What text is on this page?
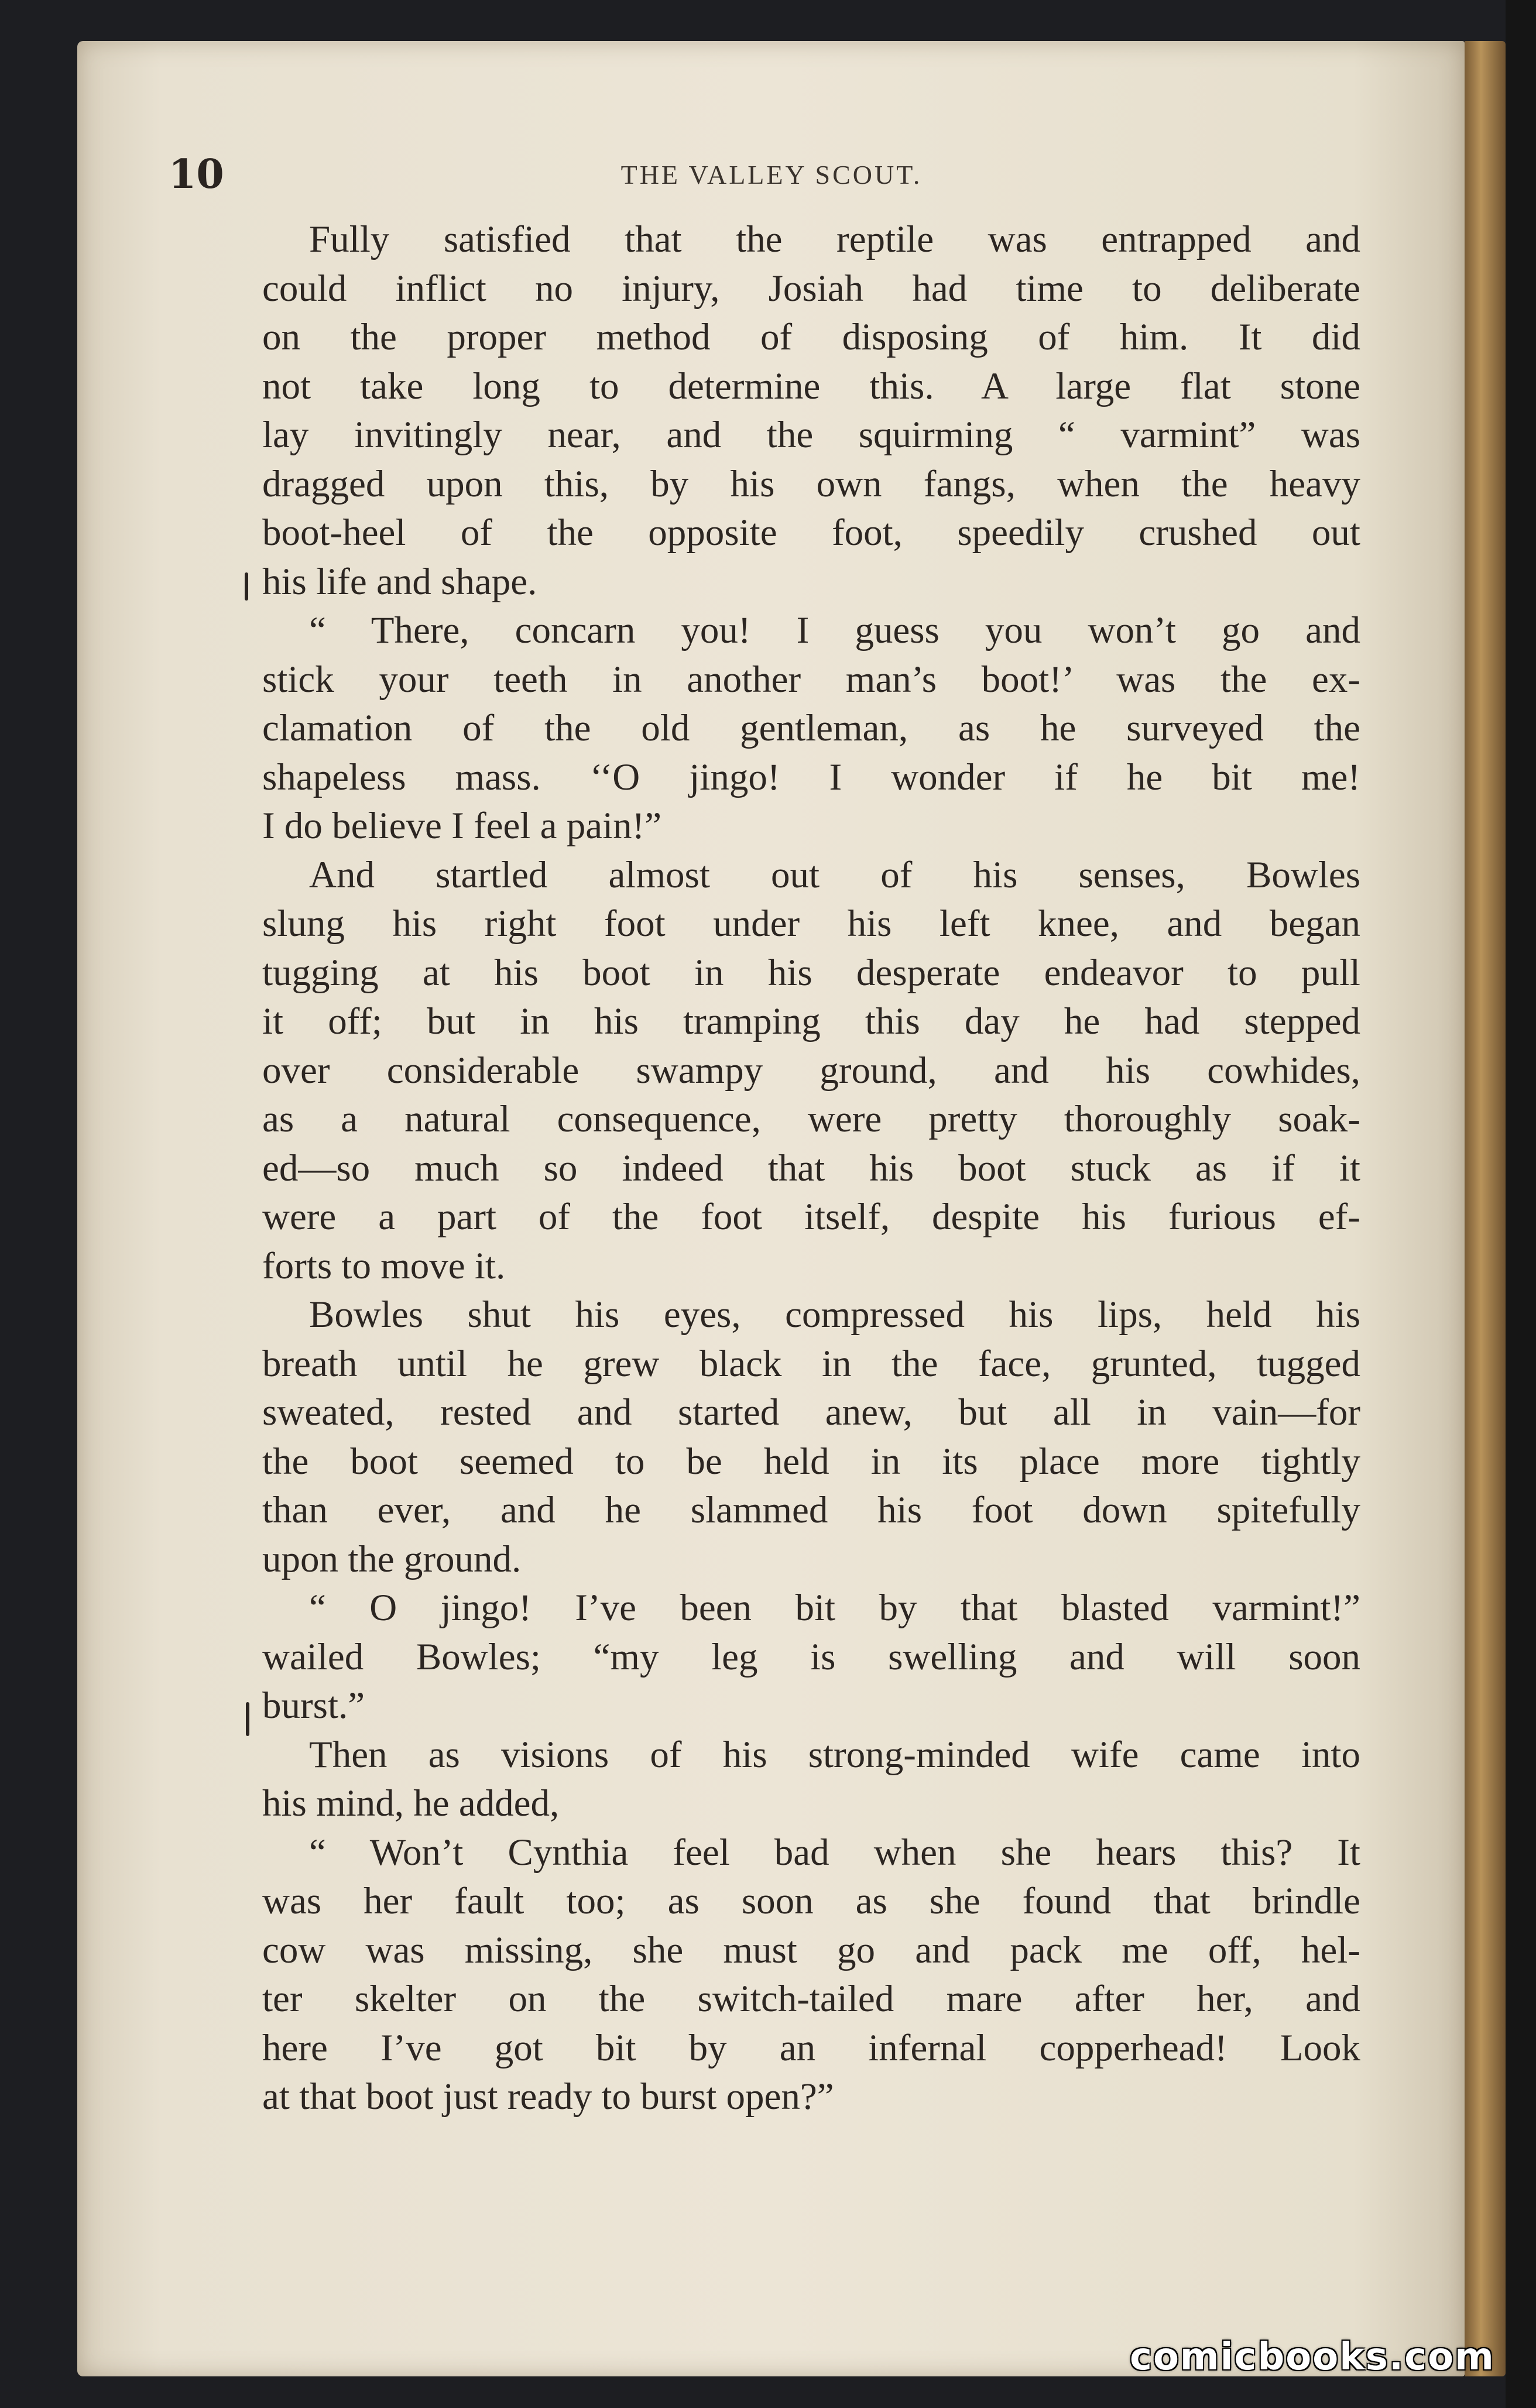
10	THE VALLEY SCOUT.
Fully satisfied that the reptile was entrapped and
could inflict no injury, Josiah had time to deliberate
on the proper method of disposing of him. It did
not take long to determine this. A large flat stone
lay invitingly near, and the squirming “ varmint” was
dragged upon this, by his own fangs, when the heavy
boot-heel of the opposite foot, speedily crushed out
his life and shape.
“ There, concarn you! I guess you won’t go and
stick your teeth in another man’s boot!’ was the ex-
clamation of the old gentleman, as he surveyed the
shapeless mass. ‘‘O jingo! I wonder if he bit me!
I do believe I feel a pain!”
And startled almost out of his senses, Bowles
slung his right foot under his left knee, and began
tugging at his boot in his desperate endeavor to pull
it off; but in his tramping this day he had stepped
over considerable swampy ground, and his cowhides,
as a natural consequence, were pretty thoroughly soak-
ed—so much so indeed that his boot stuck as if it
were a part of the foot itself, despite his furious ef-
forts to move it.
Bowles shut his eyes, compressed his lips, held his
breath until he grew black in the face, grunted, tugged
sweated, rested and started anew, but all in vain—for
the boot seemed to be held in its place more tightly
than ever, and he slammed his foot down spitefully
upon the ground.
“ O jingo! I’ve been bit by that blasted varmint!”
wailed Bowles; “my leg is swelling and will soon
burst.”
Then as visions of his strong-minded wife came into
his mind, he added,
“ Won’t Cynthia feel bad when she hears this? It
was her fault too; as soon as she found that brindle
cow was missing, she must go and pack me off, hel-
ter skelter on the switch-tailed mare after her, and
here I’ve got bit by an infernal copperhead! Look
at that boot just ready to burst open?”
comicbooks.com
